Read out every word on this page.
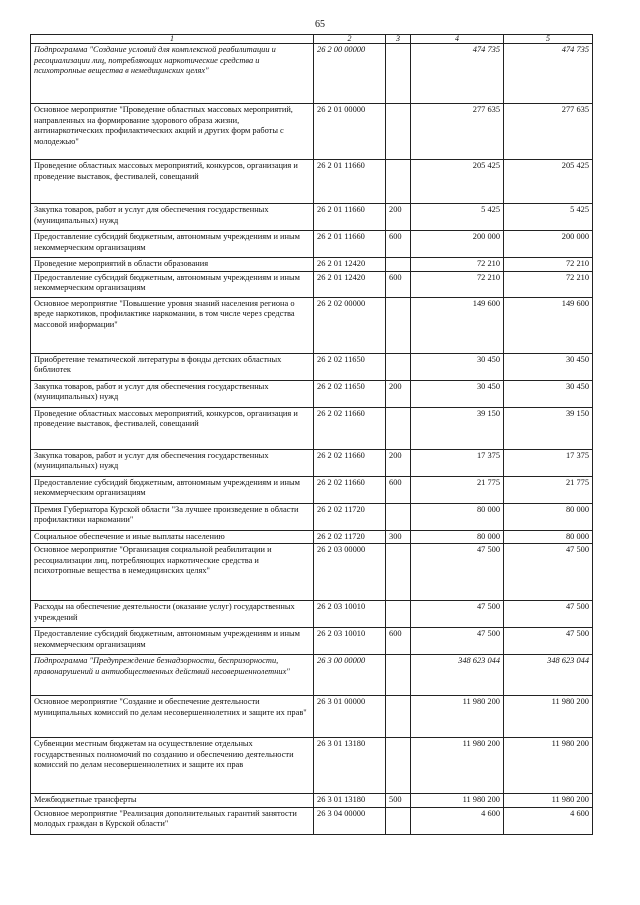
65
1	2	3	4	5
Подпрограмма "Создание условий для комплексной реабилитации и ресоциализации лиц, потребляющих наркотические средства и психотропные вещества в немедицинских целях"	26 2 00 00000		474 735	474 735
Основное мероприятие "Проведение областных массовых мероприятий, направленных на формирование здорового образа жизни, антинаркотических профилактических акций и других форм работы с молодежью"	26 2 01 00000		277 635	277 635
Проведение областных массовых мероприятий, конкурсов, организация и проведение выставок, фестивалей, совещаний	26 2 01 11660		205 425	205 425
Закупка товаров, работ и услуг для обеспечения государственных (муниципальных) нужд	26 2 01 11660	200	5 425	5 425
Предоставление субсидий бюджетным, автономным учреждениям и иным некоммерческим организациям	26 2 01 11660	600	200 000	200 000
Проведение мероприятий в области образования	26 2 01 12420		72 210	72 210
Предоставление субсидий бюджетным, автономным учреждениям и иным некоммерческим организациям	26 2 01 12420	600	72 210	72 210
Основное мероприятие "Повышение уровня знаний населения региона о вреде наркотиков, профилактике наркомании, в том числе через средства массовой информации"	26 2 02 00000		149 600	149 600
Приобретение тематической литературы в фонды детских областных библиотек	26 2 02 11650		30 450	30 450
Закупка товаров, работ и услуг для обеспечения государственных (муниципальных) нужд	26 2 02 11650	200	30 450	30 450
Проведение областных массовых мероприятий, конкурсов, организация и проведение выставок, фестивалей, совещаний	26 2 02 11660		39 150	39 150
Закупка товаров, работ и услуг для обеспечения государственных (муниципальных) нужд	26 2 02 11660	200	17 375	17 375
Предоставление субсидий бюджетным, автономным учреждениям и иным некоммерческим организациям	26 2 02 11660	600	21 775	21 775
Премия Губернатора Курской области "За лучшее произведение в области профилактики наркомании"	26 2 02 11720		80 000	80 000
Социальное обеспечение и иные выплаты населению	26 2 02 11720	300	80 000	80 000
Основное мероприятие "Организация социальной реабилитации и ресоциализации лиц, потребляющих наркотические средства и психотропные вещества в немедицинских целях"	26 2 03 00000		47 500	47 500
Расходы на обеспечение деятельности (оказание услуг) государственных учреждений	26 2 03 10010		47 500	47 500
Предоставление субсидий бюджетным, автономным учреждениям и иным некоммерческим организациям	26 2 03 10010	600	47 500	47 500
Подпрограмма "Предупреждение безнадзорности, беспризорности, правонарушений и антиобщественных действий несовершеннолетних"	26 3 00 00000		348 623 044	348 623 044
Основное мероприятие "Создание и обеспечение деятельности муниципальных комиссий по делам несовершеннолетних и защите их прав"	26 3 01 00000		11 980 200	11 980 200
Субвенции местным бюджетам на осуществление отдельных государственных полномочий по созданию и обеспечению деятельности комиссий по делам несовершеннолетних и защите их прав	26 3 01 13180		11 980 200	11 980 200
Межбюджетные трансферты	26 3 01 13180	500	11 980 200	11 980 200
Основное мероприятие "Реализация дополнительных гарантий занятости молодых граждан в Курской области"	26 3 04 00000		4 600	4 600
